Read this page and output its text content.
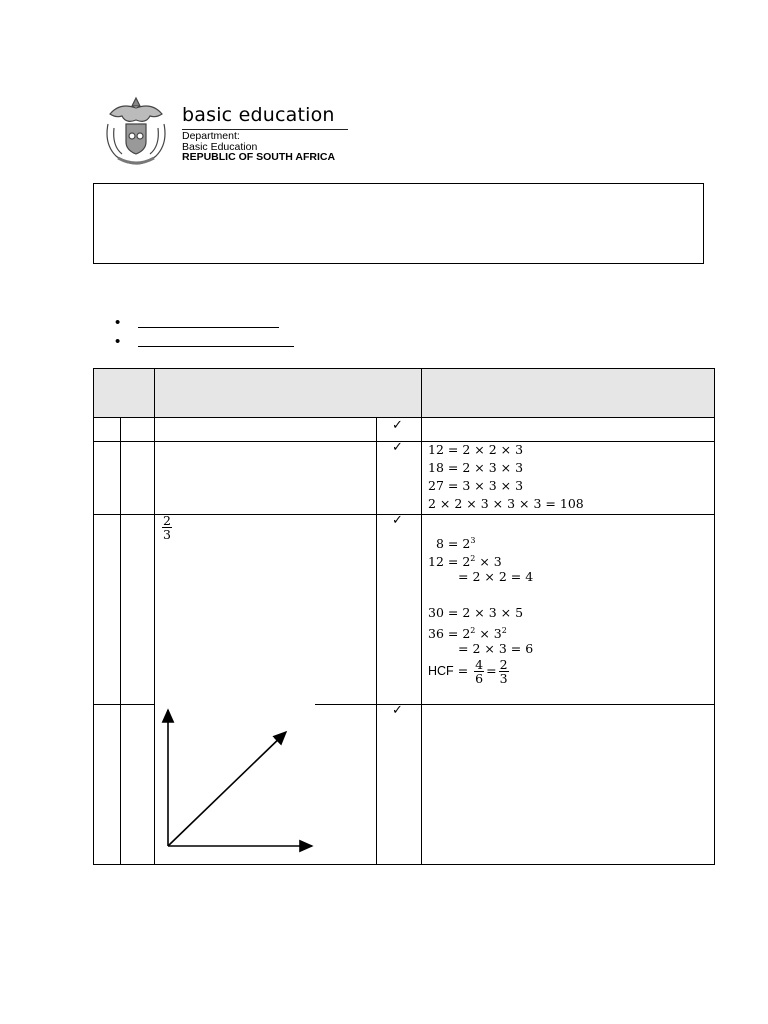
basic education
Department:
Basic Education
REPUBLIC OF SOUTH AFRICA
•
•
✓
✓
✓
✓
12 = 2 × 2 × 3
18 = 2 × 3 × 3
27 = 3 × 3 × 3
2 × 2 × 3 × 3 × 3 = 108
$\frac{2}{3}$
$8 = 2^3$
$12 = 2^2 \times 3$
= 2 × 2 = 4
30 = 2 × 3 × 5
$36 = 2^2 \times 3^2$
= 2 × 3 = 6
HCF = $\frac{4}{6} = \frac{2}{3}$
